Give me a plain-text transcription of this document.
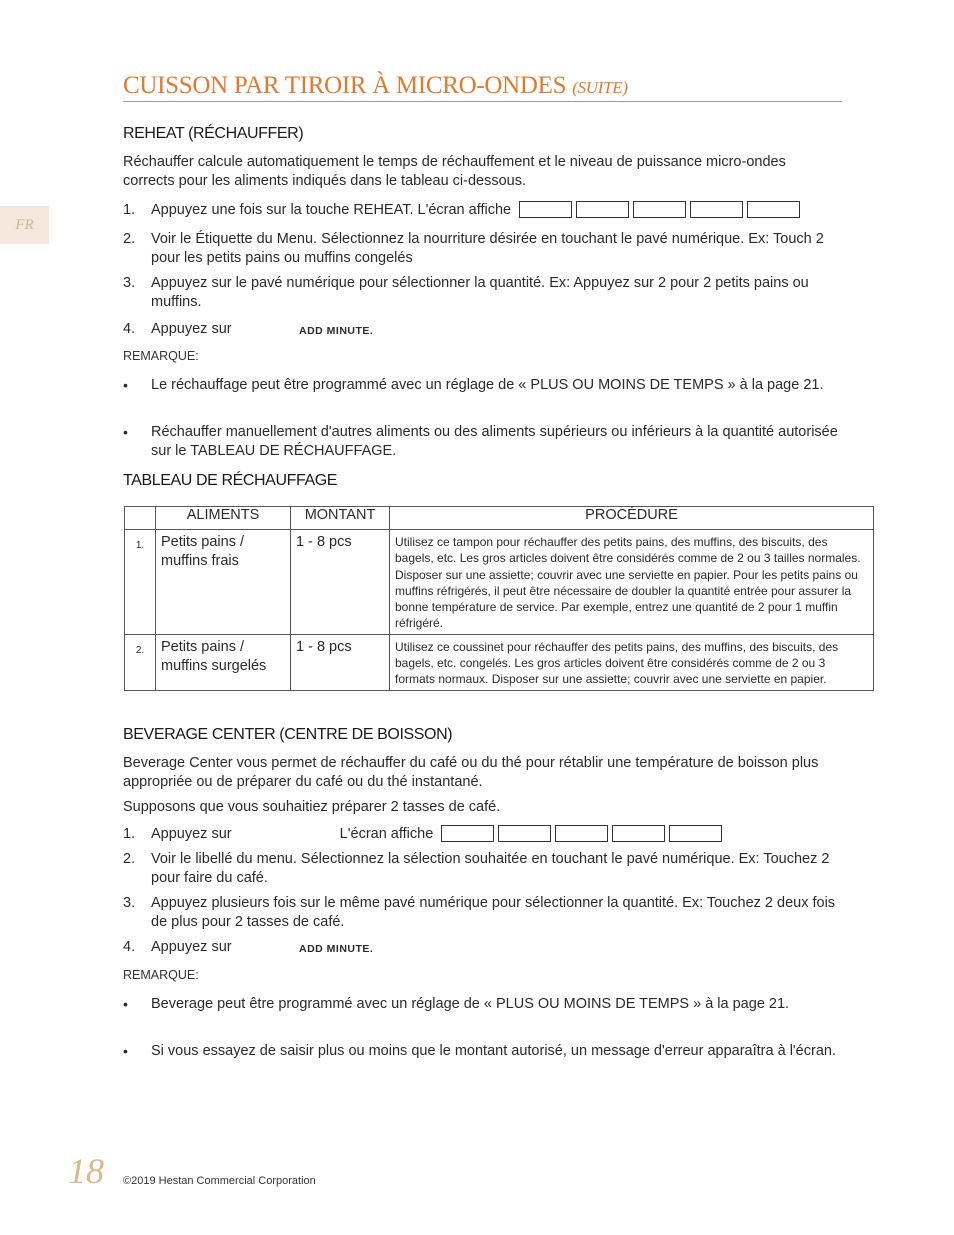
CUISSON PAR TIROIR À MICRO-ONDES (SUITE)
FR
REHEAT (RÉCHAUFFER)
Réchauffer calcule automatiquement le temps de réchauffement et le niveau de puissance micro-ondes corrects pour les aliments indiqués dans le tableau ci-dessous.
1. Appuyez une fois sur la touche REHEAT. L'écran affiche
2. Voir le Étiquette du Menu. Sélectionnez la nourriture désirée en touchant le pavé numérique. Ex: Touch 2 pour les petits pains ou muffins congelés
3. Appuyez sur le pavé numérique pour sélectionner la quantité. Ex: Appuyez sur 2 pour 2 petits pains ou muffins.
4. Appuyez sur	ADD MINUTE.
REMARQUE:
• Le réchauffage peut être programmé avec un réglage de « PLUS OU MOINS DE TEMPS » à la page 21.
• Réchauffer manuellement d'autres aliments ou des aliments supérieurs ou inférieurs à la quantité autorisée sur le TABLEAU DE RÉCHAUFFAGE.
TABLEAU DE RÉCHAUFFAGE
BEVERAGE CENTER (CENTRE DE BOISSON)
Beverage Center vous permet de réchauffer du café ou du thé pour rétablir une température de boisson plus appropriée ou de préparer du café ou du thé instantané.
Supposons que vous souhaitiez préparer 2 tasses de café.
1. Appuyez sur	L'écran affiche
2. Voir le libellé du menu. Sélectionnez la sélection souhaitée en touchant le pavé numérique. Ex: Touchez 2 pour faire du café.
3. Appuyez plusieurs fois sur le même pavé numérique pour sélectionner la quantité. Ex: Touchez 2 deux fois de plus pour 2 tasses de café.
4. Appuyez sur	ADD MINUTE.
REMARQUE:
• Beverage peut être programmé avec un réglage de « PLUS OU MOINS DE TEMPS » à la page 21.
• Si vous essayez de saisir plus ou moins que le montant autorisé, un message d'erreur apparaîtra à l'écran.
	ALIMENTS	MONTANT	PROCÉDURE
1.	Petits pains / muffins frais	1 - 8 pcs	Utilisez ce tampon pour réchauffer des petits pains, des muffins, des biscuits, des bagels, etc. Les gros articles doivent être considérés comme de 2 ou 3 tailles normales. Disposer sur une assiette; couvrir avec une serviette en papier. Pour les petits pains ou muffins réfrigérés, il peut être nécessaire de doubler la quantité entrée pour assurer la bonne température de service. Par exemple, entrez une quantité de 2 pour 1 muffin réfrigéré.
2.	Petits pains / muffins surgelés	1 - 8 pcs	Utilisez ce coussinet pour réchauffer des petits pains, des muffins, des biscuits, des bagels, etc. congelés. Les gros articles doivent être considérés comme de 2 ou 3 formats normaux. Disposer sur une assiette; couvrir avec une serviette en papier.
18 ©2019 Hestan Commercial Corporation
